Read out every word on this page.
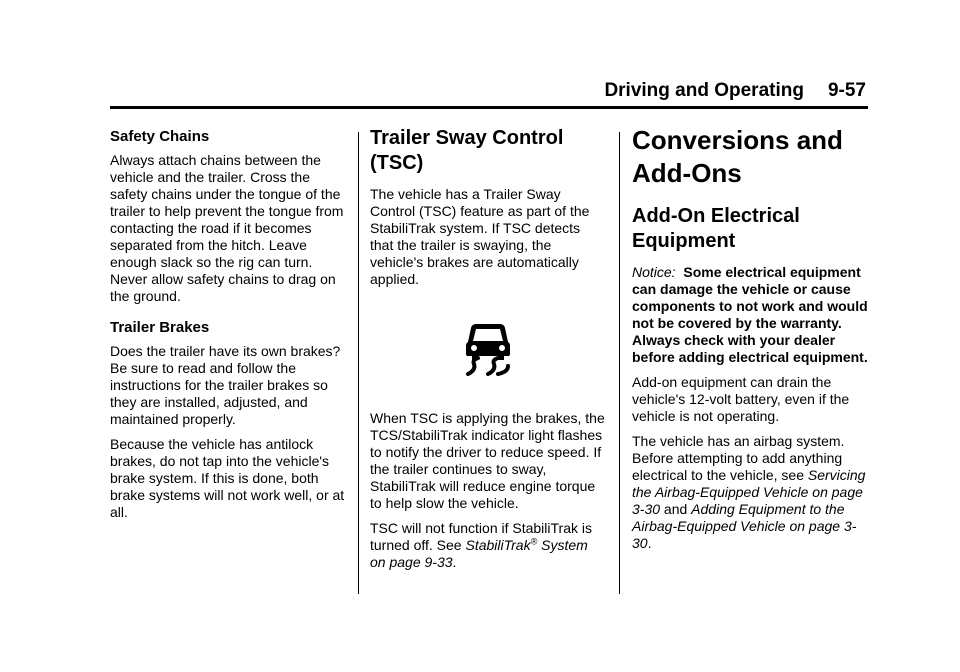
Driving and Operating 9-57
Safety Chains

Always attach chains between the vehicle and the trailer. Cross the safety chains under the tongue of the trailer to help prevent the tongue from contacting the road if it becomes separated from the hitch. Leave enough slack so the rig can turn. Never allow safety chains to drag on the ground.

Trailer Brakes

Does the trailer have its own brakes? Be sure to read and follow the instructions for the trailer brakes so they are installed, adjusted, and maintained properly.

Because the vehicle has antilock brakes, do not tap into the vehicle's brake system. If this is done, both brake systems will not work well, or at all.

Trailer Sway Control (TSC)

The vehicle has a Trailer Sway Control (TSC) feature as part of the StabiliTrak system. If TSC detects that the trailer is swaying, the vehicle's brakes are automatically applied.

When TSC is applying the brakes, the TCS/StabiliTrak indicator light flashes to notify the driver to reduce speed. If the trailer continues to sway, StabiliTrak will reduce engine torque to help slow the vehicle.

TSC will not function if StabiliTrak is turned off. See StabiliTrak® System on page 9-33.

Conversions and Add-Ons
Add-On Electrical Equipment

Notice: Some electrical equipment can damage the vehicle or cause components to not work and would not be covered by the warranty. Always check with your dealer before adding electrical equipment.

Add-on equipment can drain the vehicle's 12-volt battery, even if the vehicle is not operating.

The vehicle has an airbag system. Before attempting to add anything electrical to the vehicle, see Servicing the Airbag-Equipped Vehicle on page 3-30 and Adding Equipment to the Airbag-Equipped Vehicle on page 3-30.
